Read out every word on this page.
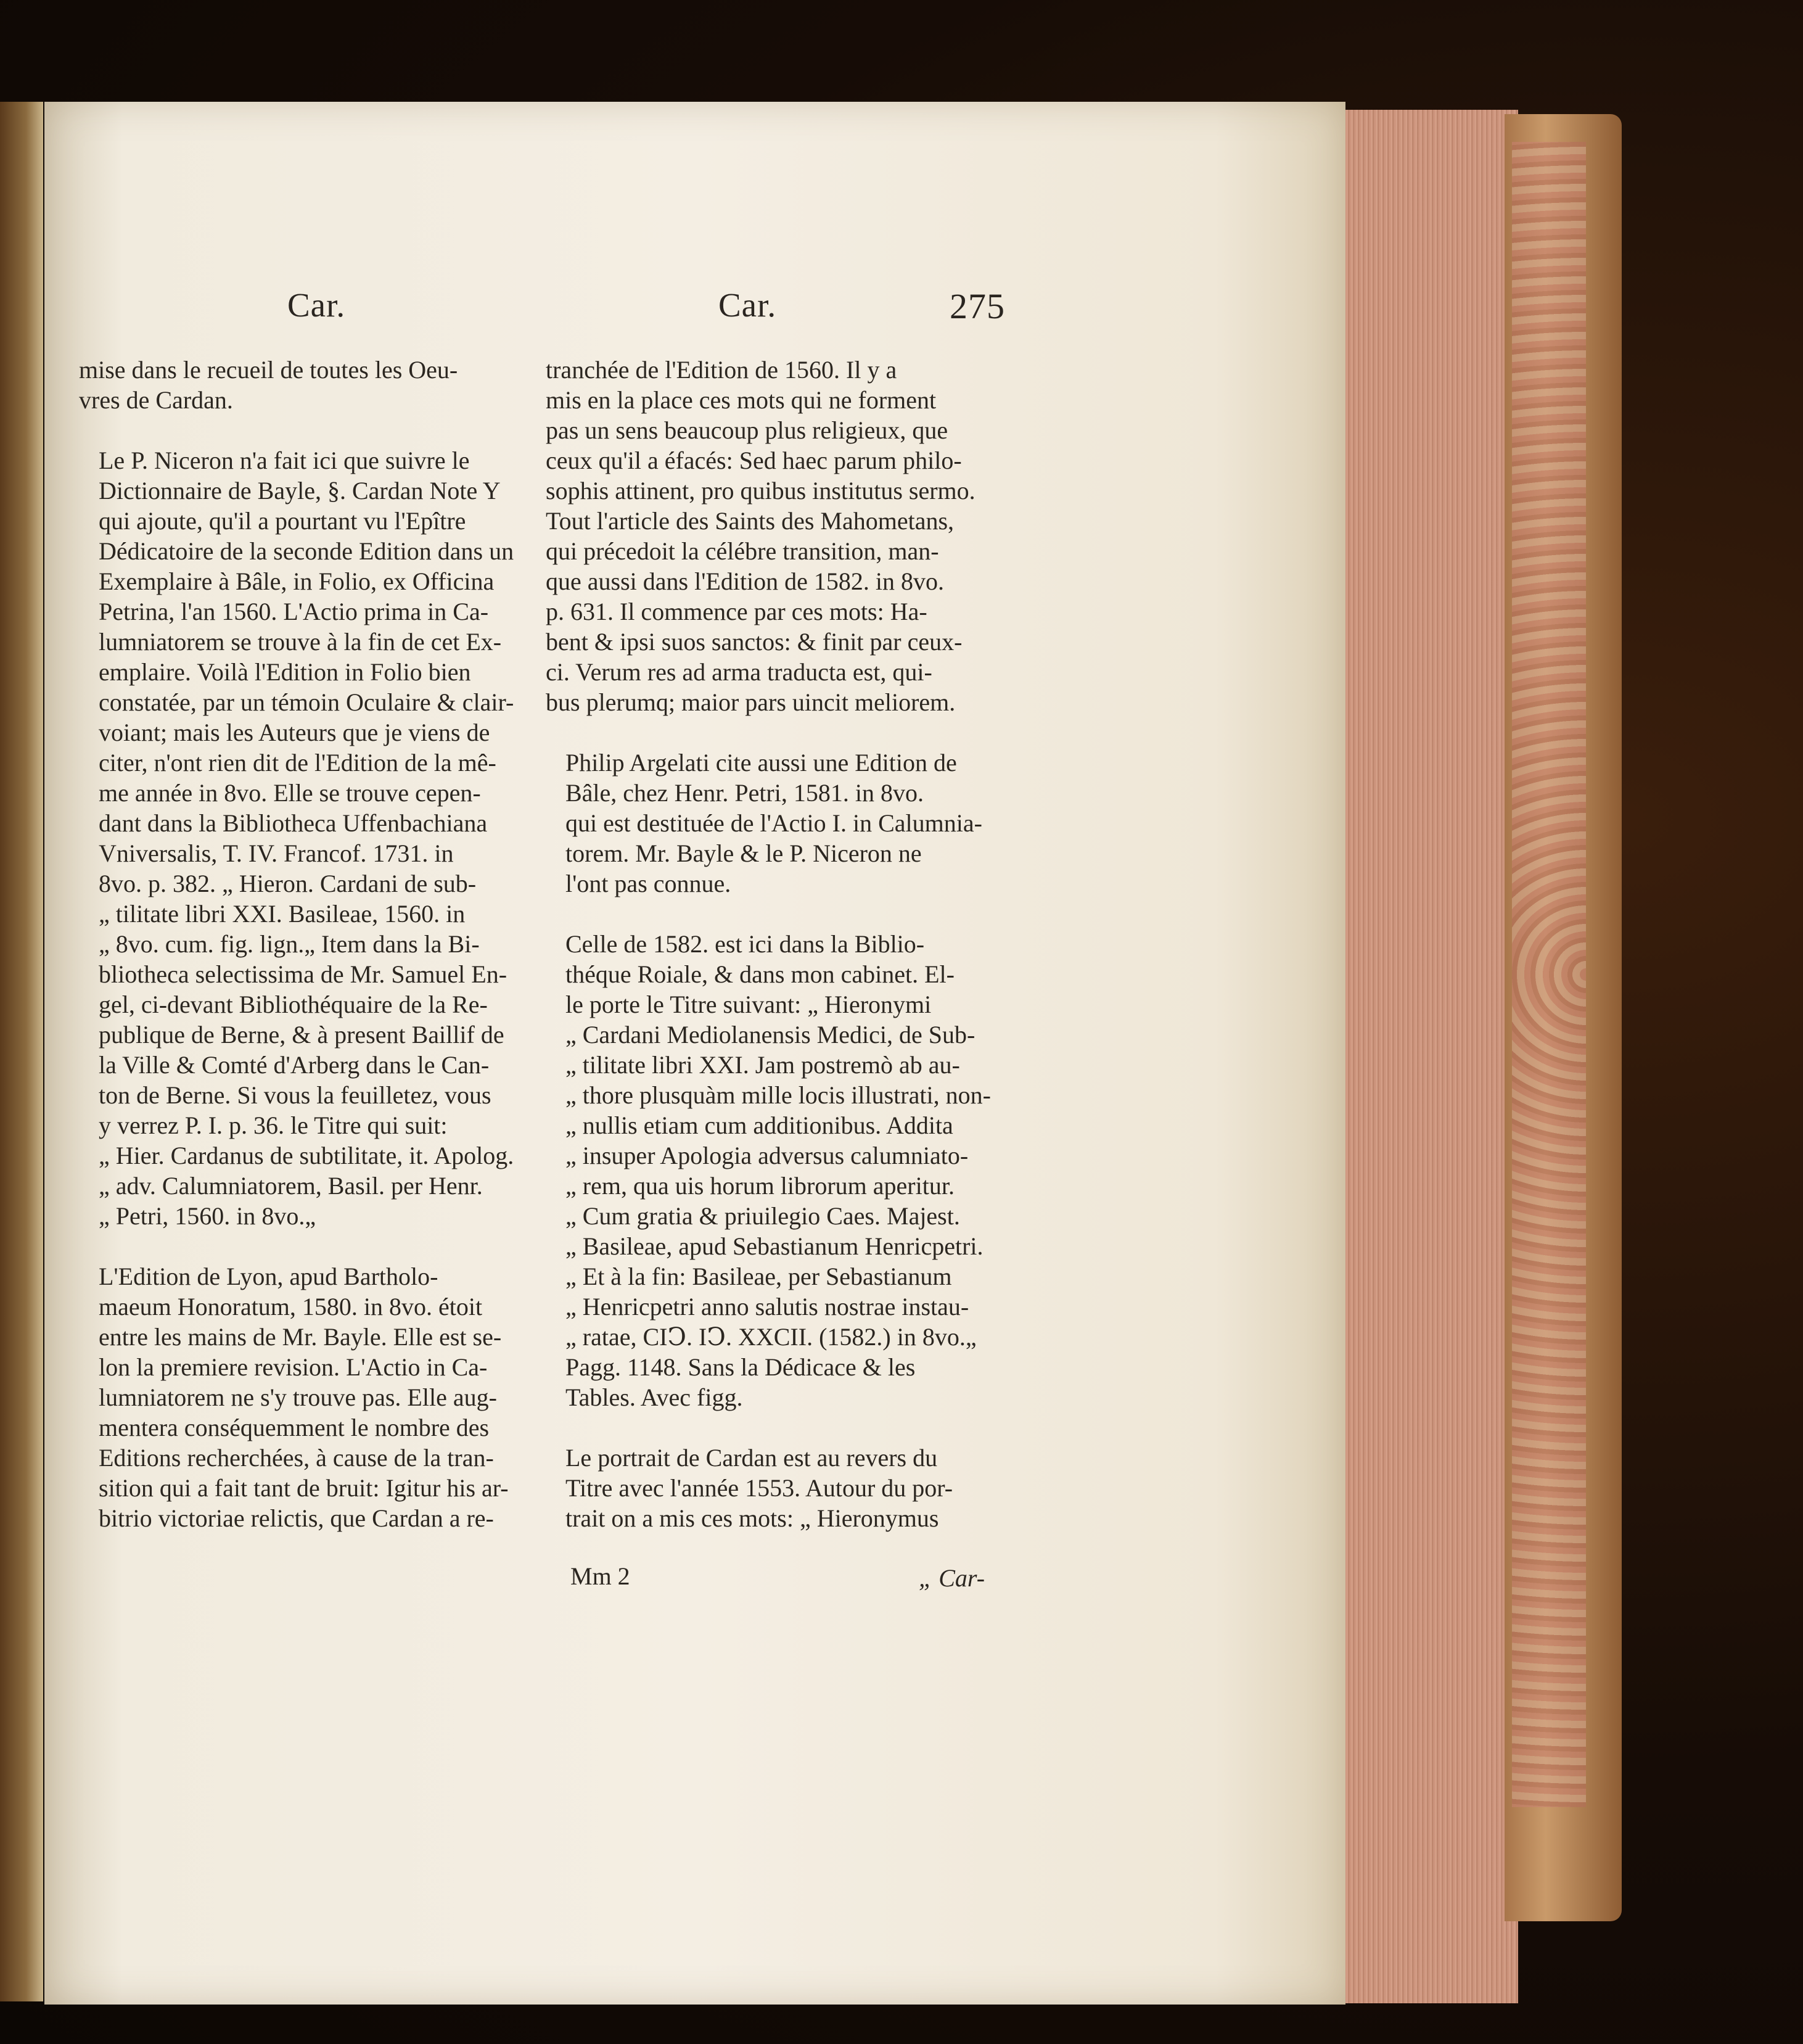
Car.	Car.	275
mise dans le recueil de toutes les Oeu-
vres de Cardan.
Le P. Niceron n'a fait ici que suivre le
Dictionnaire de Bayle, §. Cardan Note Y
qui ajoute, qu'il a pourtant vu l'Epître
Dédicatoire de la seconde Edition dans un
Exemplaire à Bâle, in Folio, ex Officina
Petrina, l'an 1560. L'Actio prima in Ca-
lumniatorem se trouve à la fin de cet Ex-
emplaire. Voilà l'Edition in Folio bien
constatée, par un témoin Oculaire & clair-
voiant; mais les Auteurs que je viens de
citer, n'ont rien dit de l'Edition de la mê-
me année in 8vo. Elle se trouve cepen-
dant dans la Bibliotheca Uffenbachiana
Vniversalis, T. IV. Francof. 1731. in
8vo. p. 382. „ Hieron. Cardani de sub-
„ tilitate libri XXI. Basileae, 1560. in
„ 8vo. cum. fig. lign.„ Item dans la Bi-
bliotheca selectissima de Mr. Samuel En-
gel, ci-devant Bibliothéquaire de la Re-
publique de Berne, & à present Baillif de
la Ville & Comté d'Arberg dans le Can-
ton de Berne. Si vous la feuilletez, vous
y verrez P. I. p. 36. le Titre qui suit:
„ Hier. Cardanus de subtilitate, it. Apolog.
„ adv. Calumniatorem, Basil. per Henr.
„ Petri, 1560. in 8vo.„
L'Edition de Lyon, apud Bartholo-
maeum Honoratum, 1580. in 8vo. étoit
entre les mains de Mr. Bayle. Elle est se-
lon la premiere revision. L'Actio in Ca-
lumniatorem ne s'y trouve pas. Elle aug-
mentera conséquemment le nombre des
Editions recherchées, à cause de la tran-
sition qui a fait tant de bruit: Igitur his ar-
bitrio victoriae relictis, que Cardan a re-
tranchée de l'Edition de 1560. Il y a
mis en la place ces mots qui ne forment
pas un sens beaucoup plus religieux, que
ceux qu'il a éfacés: Sed haec parum philo-
sophis attinent, pro quibus institutus sermo.
Tout l'article des Saints des Mahometans,
qui précedoit la célébre transition, man-
que aussi dans l'Edition de 1582. in 8vo.
p. 631. Il commence par ces mots: Ha-
bent & ipsi suos sanctos: & finit par ceux-
ci. Verum res ad arma traducta est, qui-
bus plerumq; maior pars uincit meliorem.
Philip Argelati cite aussi une Edition de
Bâle, chez Henr. Petri, 1581. in 8vo.
qui est destituée de l'Actio I. in Calumnia-
torem. Mr. Bayle & le P. Niceron ne
l'ont pas connue.
Celle de 1582. est ici dans la Biblio-
théque Roiale, & dans mon cabinet. El-
le porte le Titre suivant: „ Hieronymi
„ Cardani Mediolanensis Medici, de Sub-
„ tilitate libri XXI. Jam postremò ab au-
„ thore plusquàm mille locis illustrati, non-
„ nullis etiam cum additionibus. Addita
„ insuper Apologia adversus calumniato-
„ rem, qua uis horum librorum aperitur.
„ Cum gratia & priuilegio Caes. Majest.
„ Basileae, apud Sebastianum Henricpetri.
„ Et à la fin: Basileae, per Sebastianum
„ Henricpetri anno salutis nostrae instau-
„ ratae, CIↃ. IↃ. XXCII. (1582.) in 8vo.„
Pagg. 1148. Sans la Dédicace & les
Tables. Avec figg.
Le portrait de Cardan est au revers du
Titre avec l'année 1553. Autour du por-
trait on a mis ces mots: „ Hieronymus
Mm 2	„ Car-
